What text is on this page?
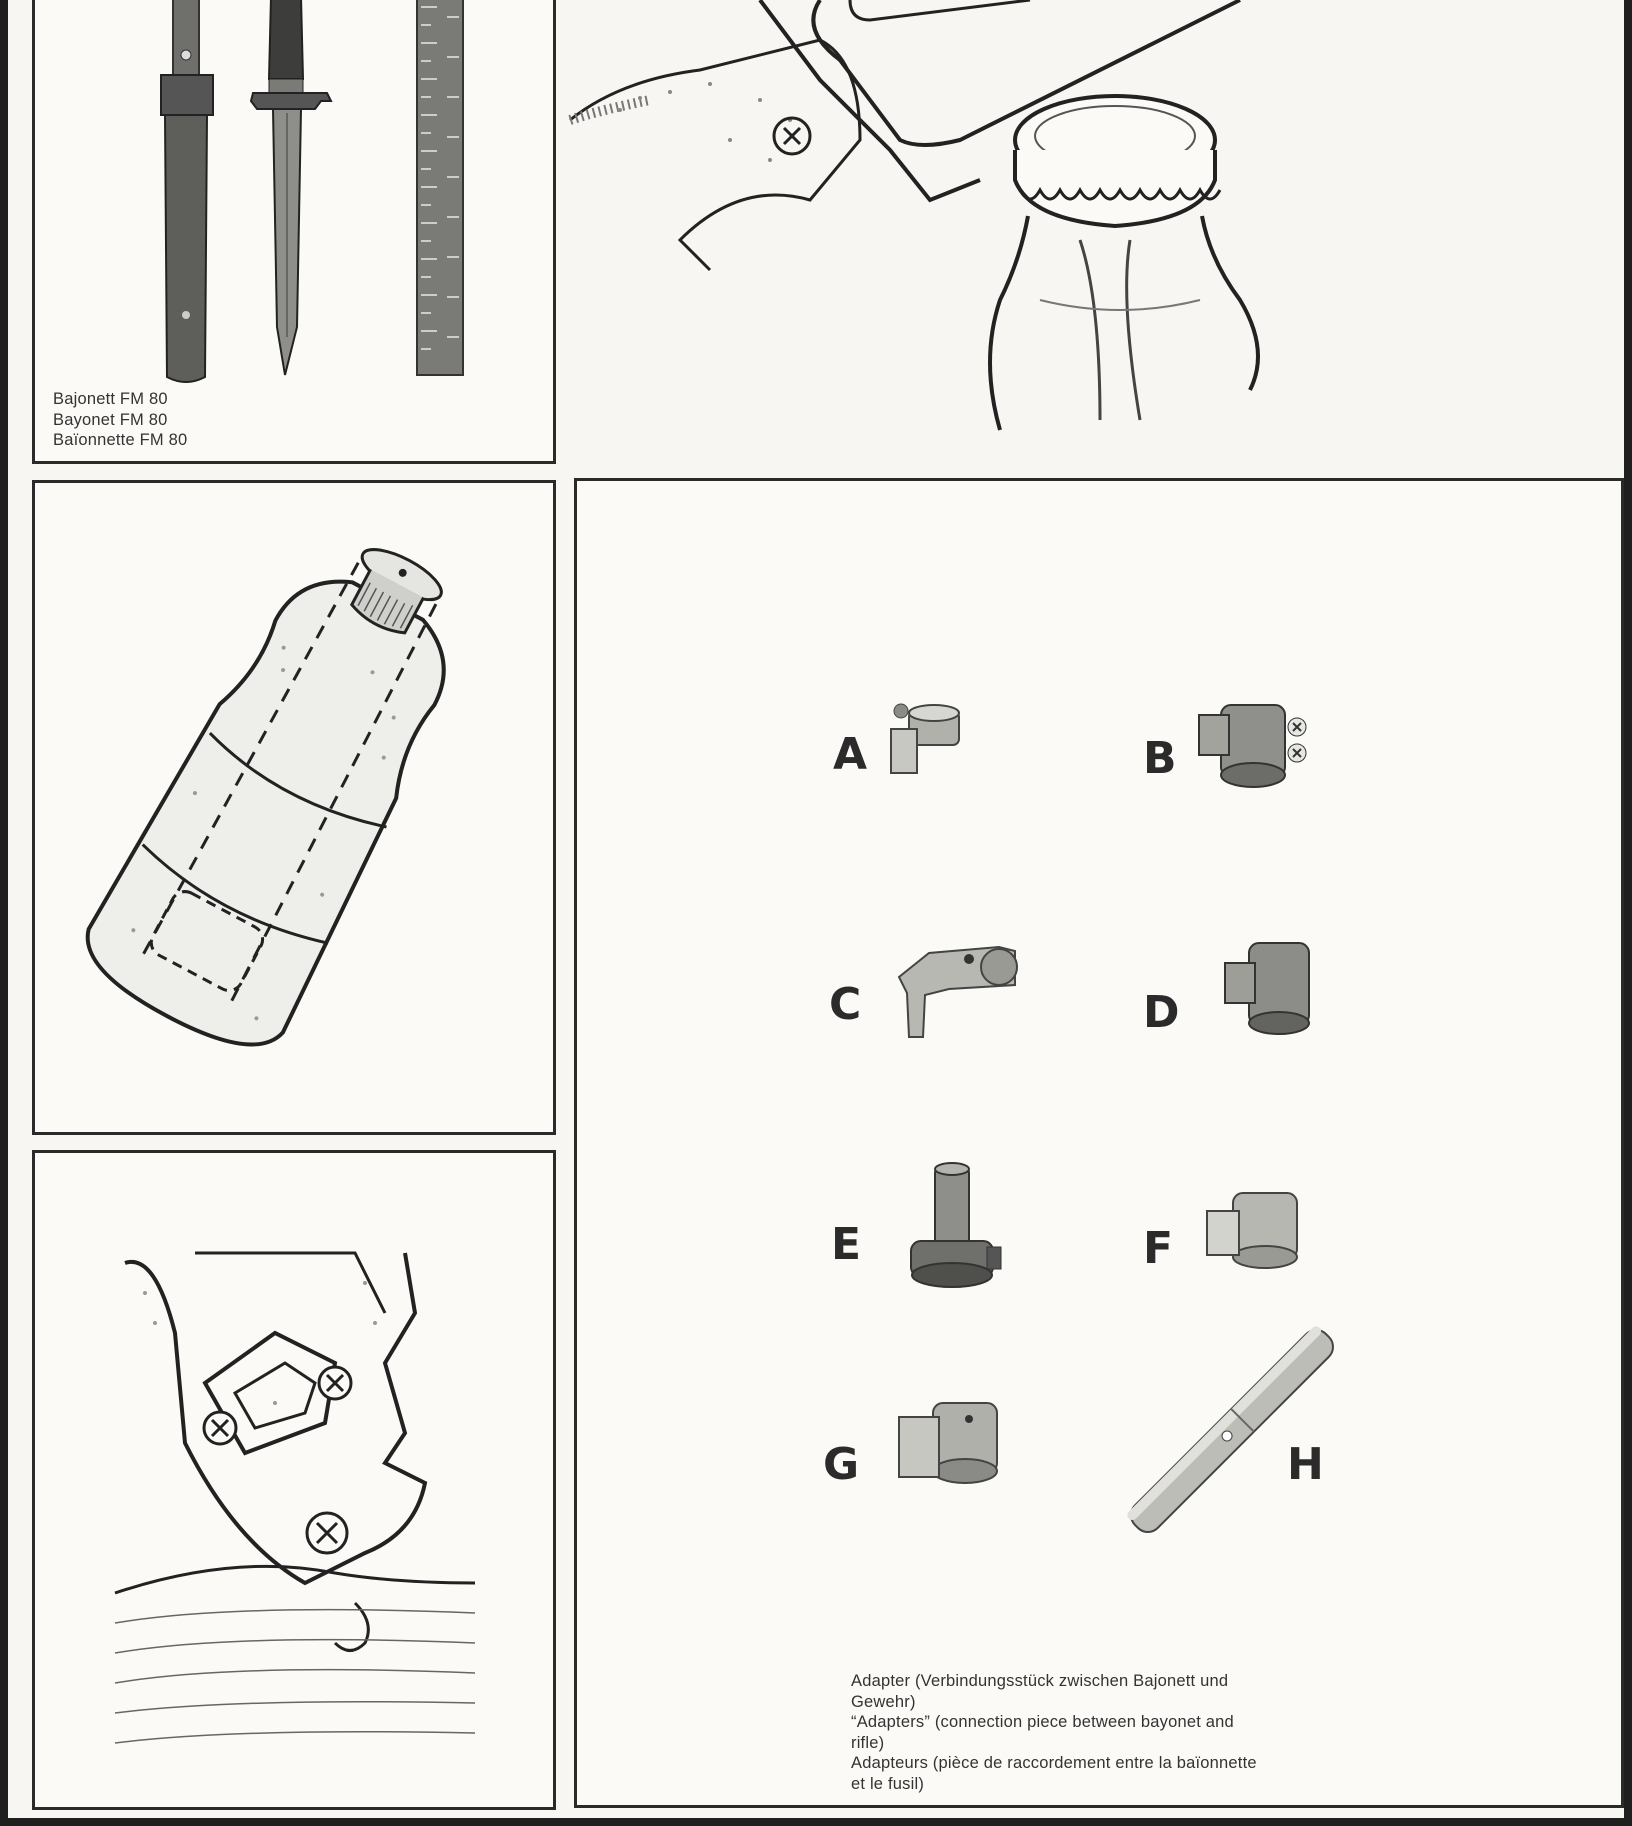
Bajonett FM 80
Bayonet FM 80
Baïonnette FM 80
A	B
C	D
E	F
G	H
Adapter (Verbindungsstück zwischen Bajonett und
Gewehr)
“Adapters” (connection piece between bayonet and
rifle)
Adapteurs (pièce de raccordement entre la baïonnette
et le fusil)
